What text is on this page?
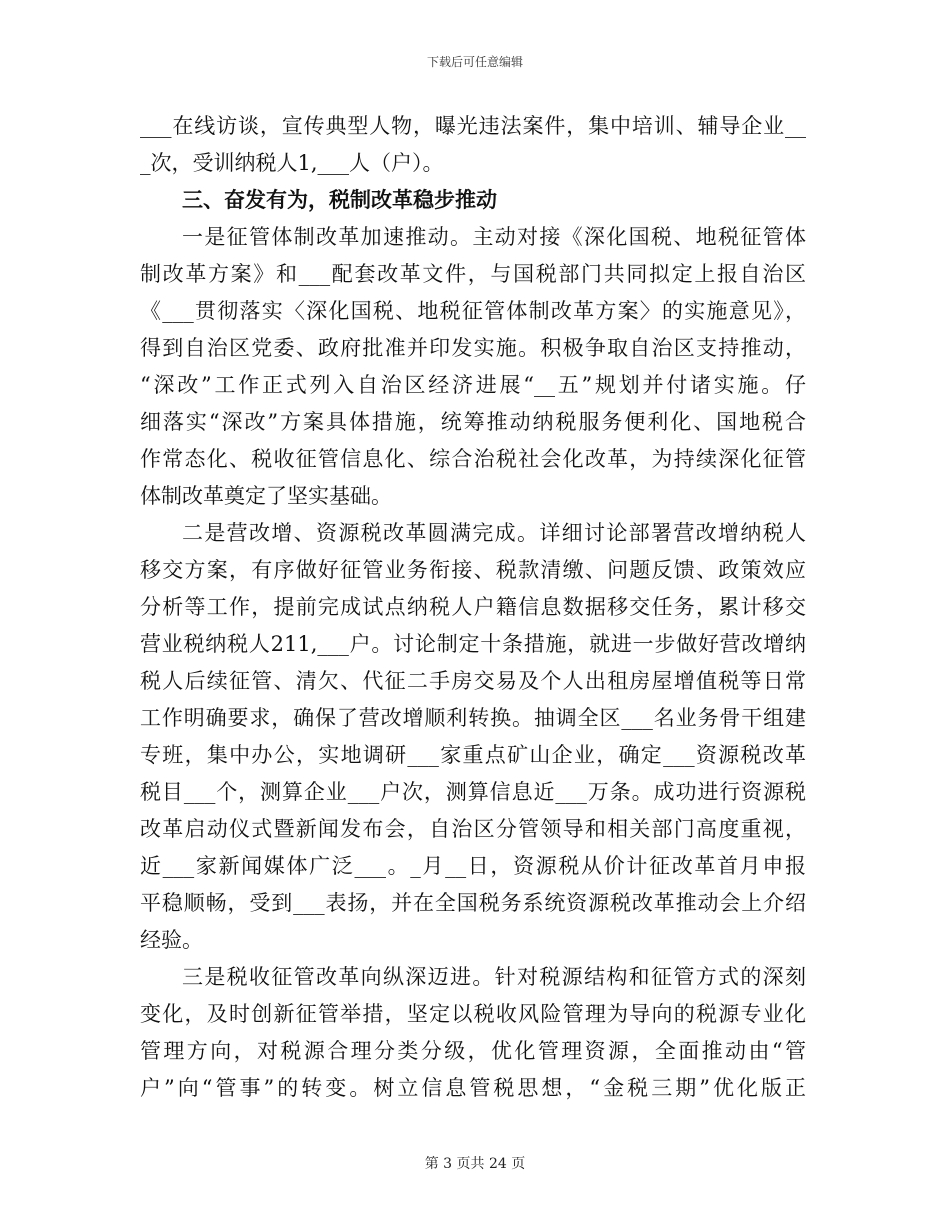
下载后可任意编辑
___在线访谈，宣传典型人物，曝光违法案件，集中培训、辅导企业__
_次，受训纳税人1,___人（户）。
三、奋发有为，税制改革稳步推动
一是征管体制改革加速推动。主动对接《深化国税、地税征管体
制改革方案》和___配套改革文件，与国税部门共同拟定上报自治区
《___贯彻落实〈深化国税、地税征管体制改革方案〉的实施意见》，
得到自治区党委、政府批准并印发实施。积极争取自治区支持推动，
“深改”工作正式列入自治区经济进展“__五”规划并付诸实施。仔
细落实“深改”方案具体措施，统筹推动纳税服务便利化、国地税合
作常态化、税收征管信息化、综合治税社会化改革，为持续深化征管
体制改革奠定了坚实基础。
二是营改增、资源税改革圆满完成。详细讨论部署营改增纳税人
移交方案，有序做好征管业务衔接、税款清缴、问题反馈、政策效应
分析等工作，提前完成试点纳税人户籍信息数据移交任务，累计移交
营业税纳税人211,___户。讨论制定十条措施，就进一步做好营改增纳
税人后续征管、清欠、代征二手房交易及个人出租房屋增值税等日常
工作明确要求，确保了营改增顺利转换。抽调全区___名业务骨干组建
专班，集中办公，实地调研___家重点矿山企业，确定___资源税改革
税目___个，测算企业___户次，测算信息近___万条。成功进行资源税
改革启动仪式暨新闻发布会，自治区分管领导和相关部门高度重视，
近___家新闻媒体广泛___。_月__日，资源税从价计征改革首月申报
平稳顺畅，受到___表扬，并在全国税务系统资源税改革推动会上介绍
经验。
三是税收征管改革向纵深迈进。针对税源结构和征管方式的深刻
变化，及时创新征管举措，坚定以税收风险管理为导向的税源专业化
管理方向，对税源合理分类分级，优化管理资源，全面推动由“管
户”向“管事”的转变。树立信息管税思想，“金税三期”优化版正
第 3 页共 24 页
